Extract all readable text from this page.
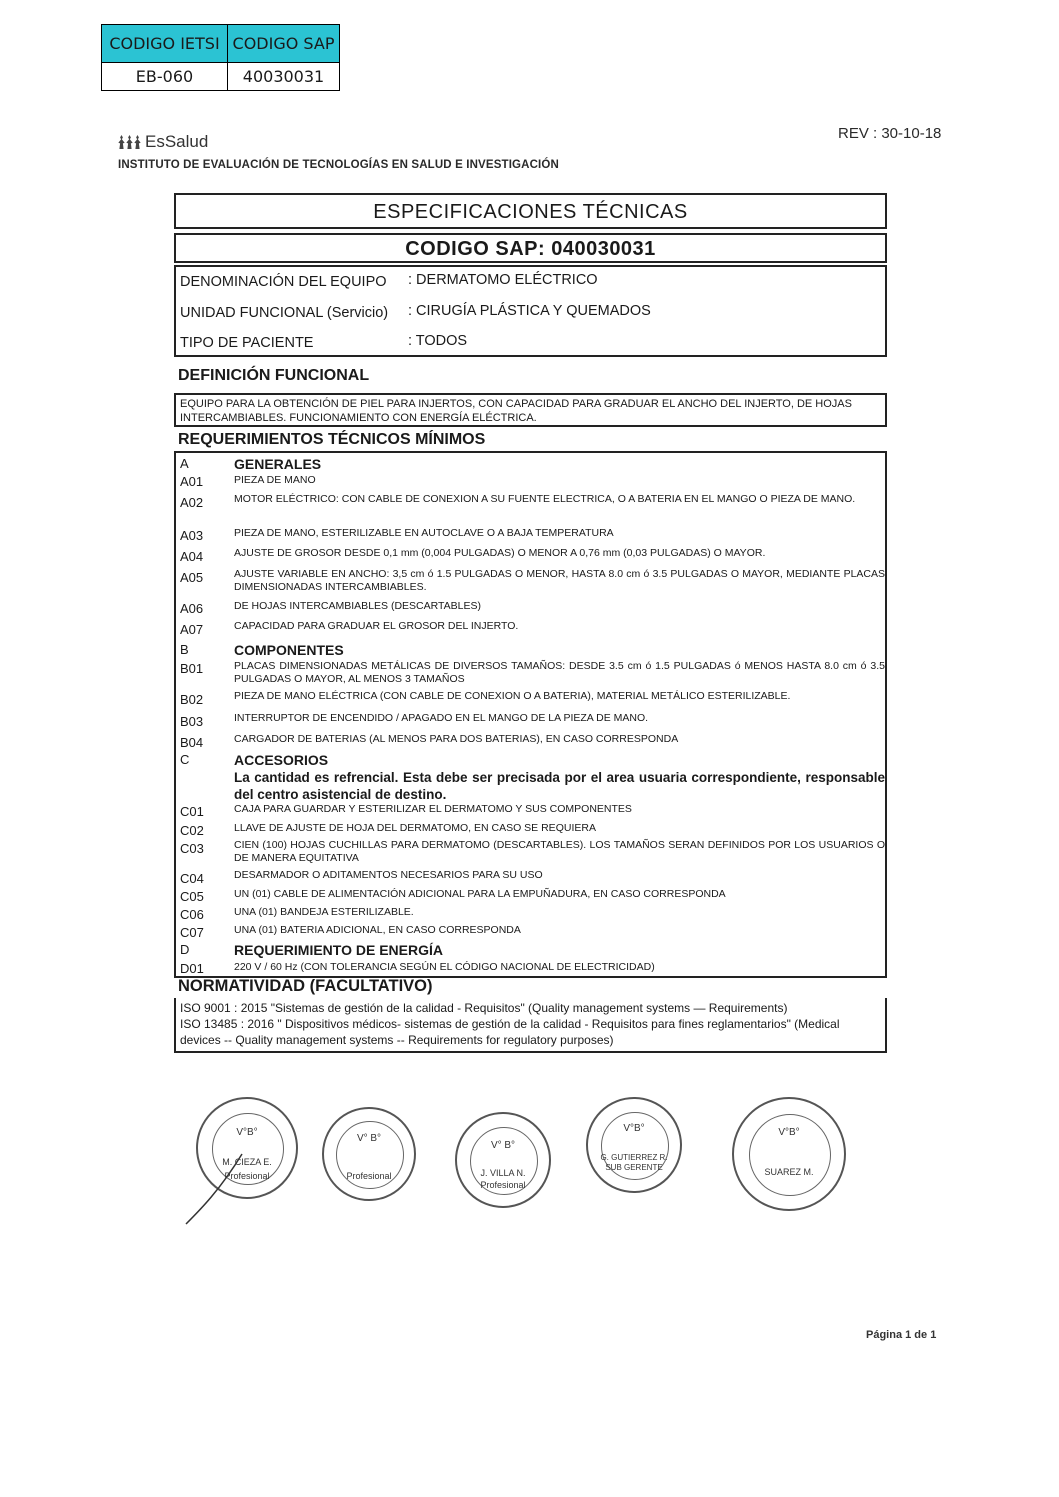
CODIGO IETSI	CODIGO SAP
EB-060	40030031
EsSalud
INSTITUTO DE EVALUACIÓN DE TECNOLOGÍAS EN SALUD E INVESTIGACIÓN
REV : 30-10-18
ESPECIFICACIONES TÉCNICAS
CODIGO SAP: 040030031
DENOMINACIÓN DEL EQUIPO : DERMATOMO ELÉCTRICO
UNIDAD FUNCIONAL (Servicio) : CIRUGÍA PLÁSTICA Y QUEMADOS
TIPO DE PACIENTE	: TODOS
DEFINICIÓN FUNCIONAL
EQUIPO PARA LA OBTENCIÓN DE PIEL PARA INJERTOS, CON CAPACIDAD PARA GRADUAR EL ANCHO DEL INJERTO, DE HOJAS INTERCAMBIABLES. FUNCIONAMIENTO CON ENERGÍA ELÉCTRICA.
REQUERIMIENTOS TÉCNICOS MÍNIMOS
A	GENERALES
A01	PIEZA DE MANO
A02	MOTOR ELÉCTRICO: CON CABLE DE CONEXION A SU FUENTE ELECTRICA, O A BATERIA EN EL MANGO O PIEZA DE MANO.
A03	PIEZA DE MANO, ESTERILIZABLE EN AUTOCLAVE O A BAJA TEMPERATURA
A04	AJUSTE DE GROSOR DESDE 0,1 mm (0,004 PULGADAS) O MENOR A 0,76 mm (0,03 PULGADAS) O MAYOR.
A05	AJUSTE VARIABLE EN ANCHO: 3,5 cm ó 1.5 PULGADAS O MENOR, HASTA 8.0 cm ó 3.5 PULGADAS O MAYOR, MEDIANTE PLACAS DIMENSIONADAS INTERCAMBIABLES.
A06	DE HOJAS INTERCAMBIABLES (DESCARTABLES)
A07	CAPACIDAD PARA GRADUAR EL GROSOR DEL INJERTO.
B	COMPONENTES
B01	PLACAS DIMENSIONADAS METÁLICAS DE DIVERSOS TAMAÑOS: DESDE 3.5 cm ó 1.5 PULGADAS ó MENOS HASTA 8.0 cm ó 3.5 PULGADAS O MAYOR, AL MENOS 3 TAMAÑOS
B02	PIEZA DE MANO ELÉCTRICA (CON CABLE DE CONEXION O A BATERIA), MATERIAL METÁLICO ESTERILIZABLE.
B03	INTERRUPTOR DE ENCENDIDO / APAGADO EN EL MANGO DE LA PIEZA DE MANO.
B04	CARGADOR DE BATERIAS (AL MENOS PARA DOS BATERIAS), EN CASO CORRESPONDA
C	ACCESORIOS
La cantidad es refrencial. Esta debe ser precisada por el area usuaria correspondiente, responsable del centro asistencial de destino.
C01	CAJA PARA GUARDAR Y ESTERILIZAR EL DERMATOMO Y SUS COMPONENTES
C02	LLAVE DE AJUSTE DE HOJA DEL DERMATOMO, EN CASO SE REQUIERA
C03	CIEN (100) HOJAS CUCHILLAS PARA DERMATOMO (DESCARTABLES). LOS TAMAÑOS SERAN DEFINIDOS POR LOS USUARIOS O DE MANERA EQUITATIVA
C04	DESARMADOR O ADITAMENTOS NECESARIOS PARA SU USO
C05	UN (01) CABLE DE ALIMENTACIÓN ADICIONAL PARA LA EMPUÑADURA, EN CASO CORRESPONDA
C06	UNA (01) BANDEJA ESTERILIZABLE.
C07	UNA (01) BATERIA ADICIONAL, EN CASO CORRESPONDA
D	REQUERIMIENTO DE ENERGÍA
D01	220 V / 60 Hz (CON TOLERANCIA SEGÚN EL CÓDIGO NACIONAL DE ELECTRICIDAD)
NORMATIVIDAD (FACULTATIVO)
ISO 9001 : 2015 "Sistemas de gestión de la calidad - Requisitos" (Quality management systems — Requirements)
ISO 13485 : 2016 " Dispositivos médicos- sistemas de gestión de la calidad - Requisitos para fines reglamentarios" (Medical devices -- Quality management systems -- Requirements for regulatory purposes)
V°B°
M. CIEZA E.
Profesional
V° B°
Profesional
V° B°
J. VILLA N.
Profesional
V°B°
G. GUTIERREZ R.
SUB GERENTE
V°B°
SUAREZ M.
Página 1 de 1
